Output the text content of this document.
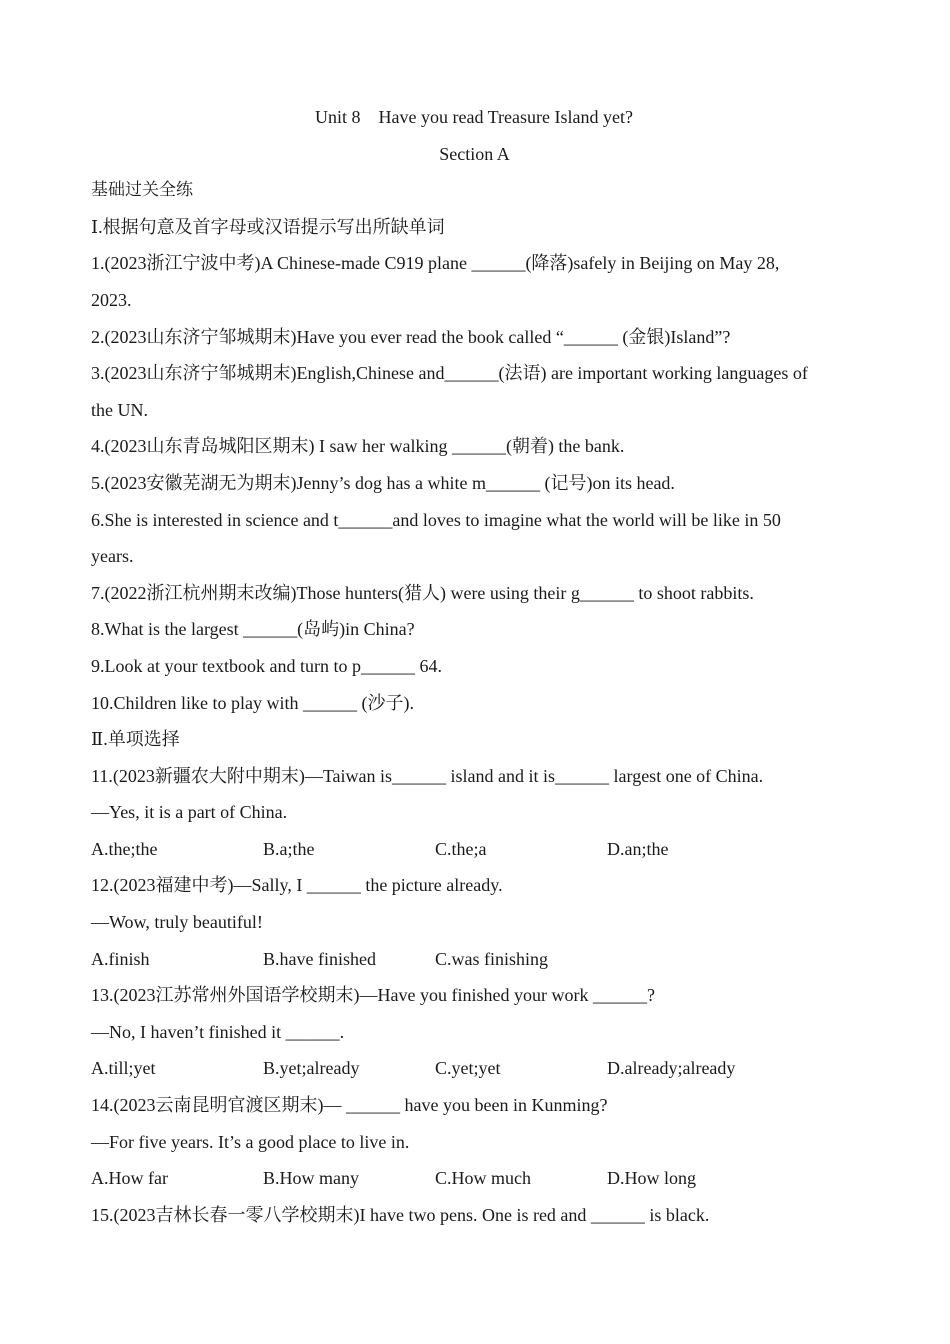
Unit 8　Have you read Treasure Island yet?
Section A
基础过关全练
Ⅰ.根据句意及首字母或汉语提示写出所缺单词
1.(2023浙江宁波中考)A Chinese-made C919 plane ______(降落)safely in Beijing on May 28,
2023.
2.(2023山东济宁邹城期末)Have you ever read the book called “______ (金银)Island”?
3.(2023山东济宁邹城期末)English,Chinese and______(法语) are important working languages of
the UN.
4.(2023山东青岛城阳区期末) I saw her walking ______(朝着) the bank.
5.(2023安徽芜湖无为期末)Jenny’s dog has a white m______ (记号)on its head.
6.She is interested in science and t______and loves to imagine what the world will be like in 50
years.
7.(2022浙江杭州期末改编)Those hunters(猎人) were using their g______ to shoot rabbits.
8.What is the largest ______(岛屿)in China?
9.Look at your textbook and turn to p______ 64.
10.Children like to play with ______ (沙子).
Ⅱ.单项选择
11.(2023新疆农大附中期末)—Taiwan is______ island and it is______ largest one of China.
—Yes, it is a part of China.
A.the;the	B.a;the	C.the;a	D.an;the
12.(2023福建中考)—Sally, I ______ the picture already.
—Wow, truly beautiful!
A.finish	B.have finished	C.was finishing
13.(2023江苏常州外国语学校期末)—Have you finished your work ______?
—No, I haven’t finished it ______.
A.till;yet	B.yet;already	C.yet;yet	D.already;already
14.(2023云南昆明官渡区期末)— ______ have you been in Kunming?
—For five years. It’s a good place to live in.
A.How far	B.How many	C.How much	D.How long
15.(2023吉林长春一零八学校期末)I have two pens. One is red and ______ is black.
